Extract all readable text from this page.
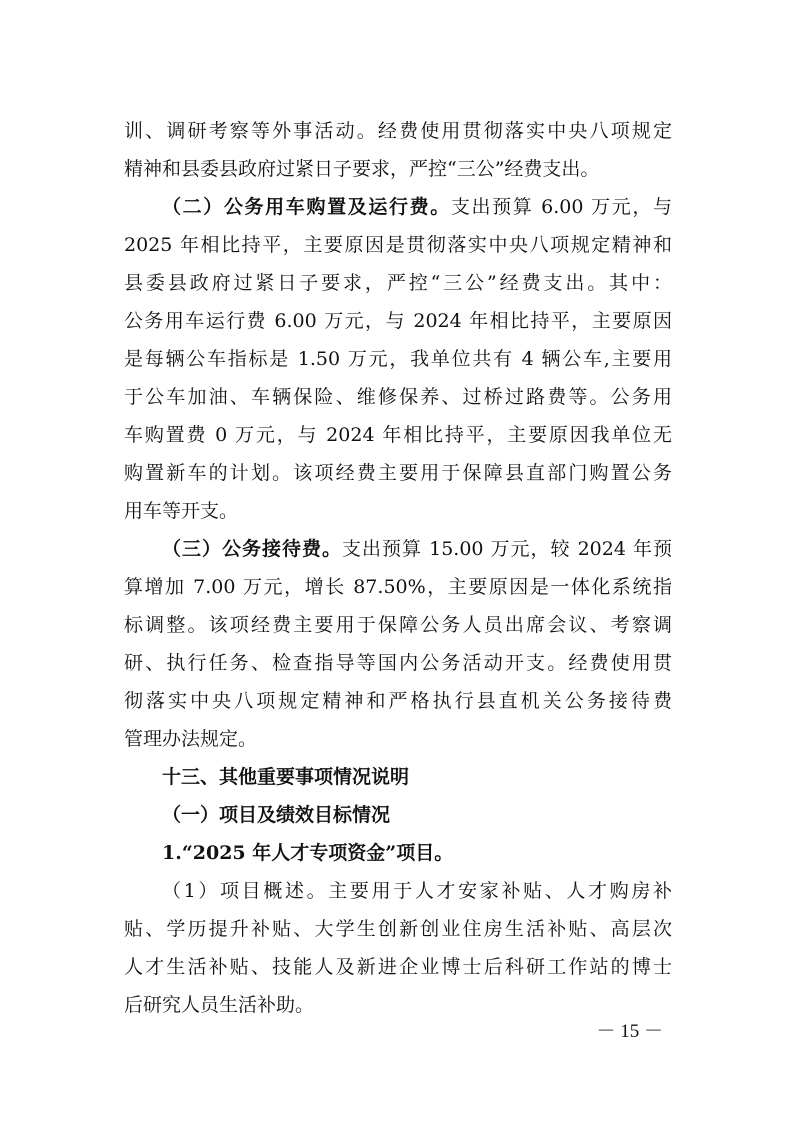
训、调研考察等外事活动。经费使用贯彻落实中央八项规定
精神和县委县政府过紧日子要求，严控“三公”经费支出。
（二）公务用车购置及运行费。支出预算 6.00 万元，与
2025 年相比持平，主要原因是贯彻落实中央八项规定精神和
县委县政府过紧日子要求，严控“三公”经费支出。其中：
公务用车运行费 6.00 万元，与 2024 年相比持平，主要原因
是每辆公车指标是 1.50 万元，我单位共有 4 辆公车,主要用
于公车加油、车辆保险、维修保养、过桥过路费等。公务用
车购置费 0 万元，与 2024 年相比持平，主要原因我单位无
购置新车的计划。该项经费主要用于保障县直部门购置公务
用车等开支。
（三）公务接待费。支出预算 15.00 万元，较 2024 年预
算增加 7.00 万元，增长 87.50%，主要原因是一体化系统指
标调整。该项经费主要用于保障公务人员出席会议、考察调
研、执行任务、检查指导等国内公务活动开支。经费使用贯
彻落实中央八项规定精神和严格执行县直机关公务接待费
管理办法规定。
十三、其他重要事项情况说明
（一）项目及绩效目标情况
1.“2025 年人才专项资金”项目。
（1）项目概述。主要用于人才安家补贴、人才购房补
贴、学历提升补贴、大学生创新创业住房生活补贴、高层次
人才生活补贴、技能人及新进企业博士后科研工作站的博士
后研究人员生活补助。
－ 15 －
